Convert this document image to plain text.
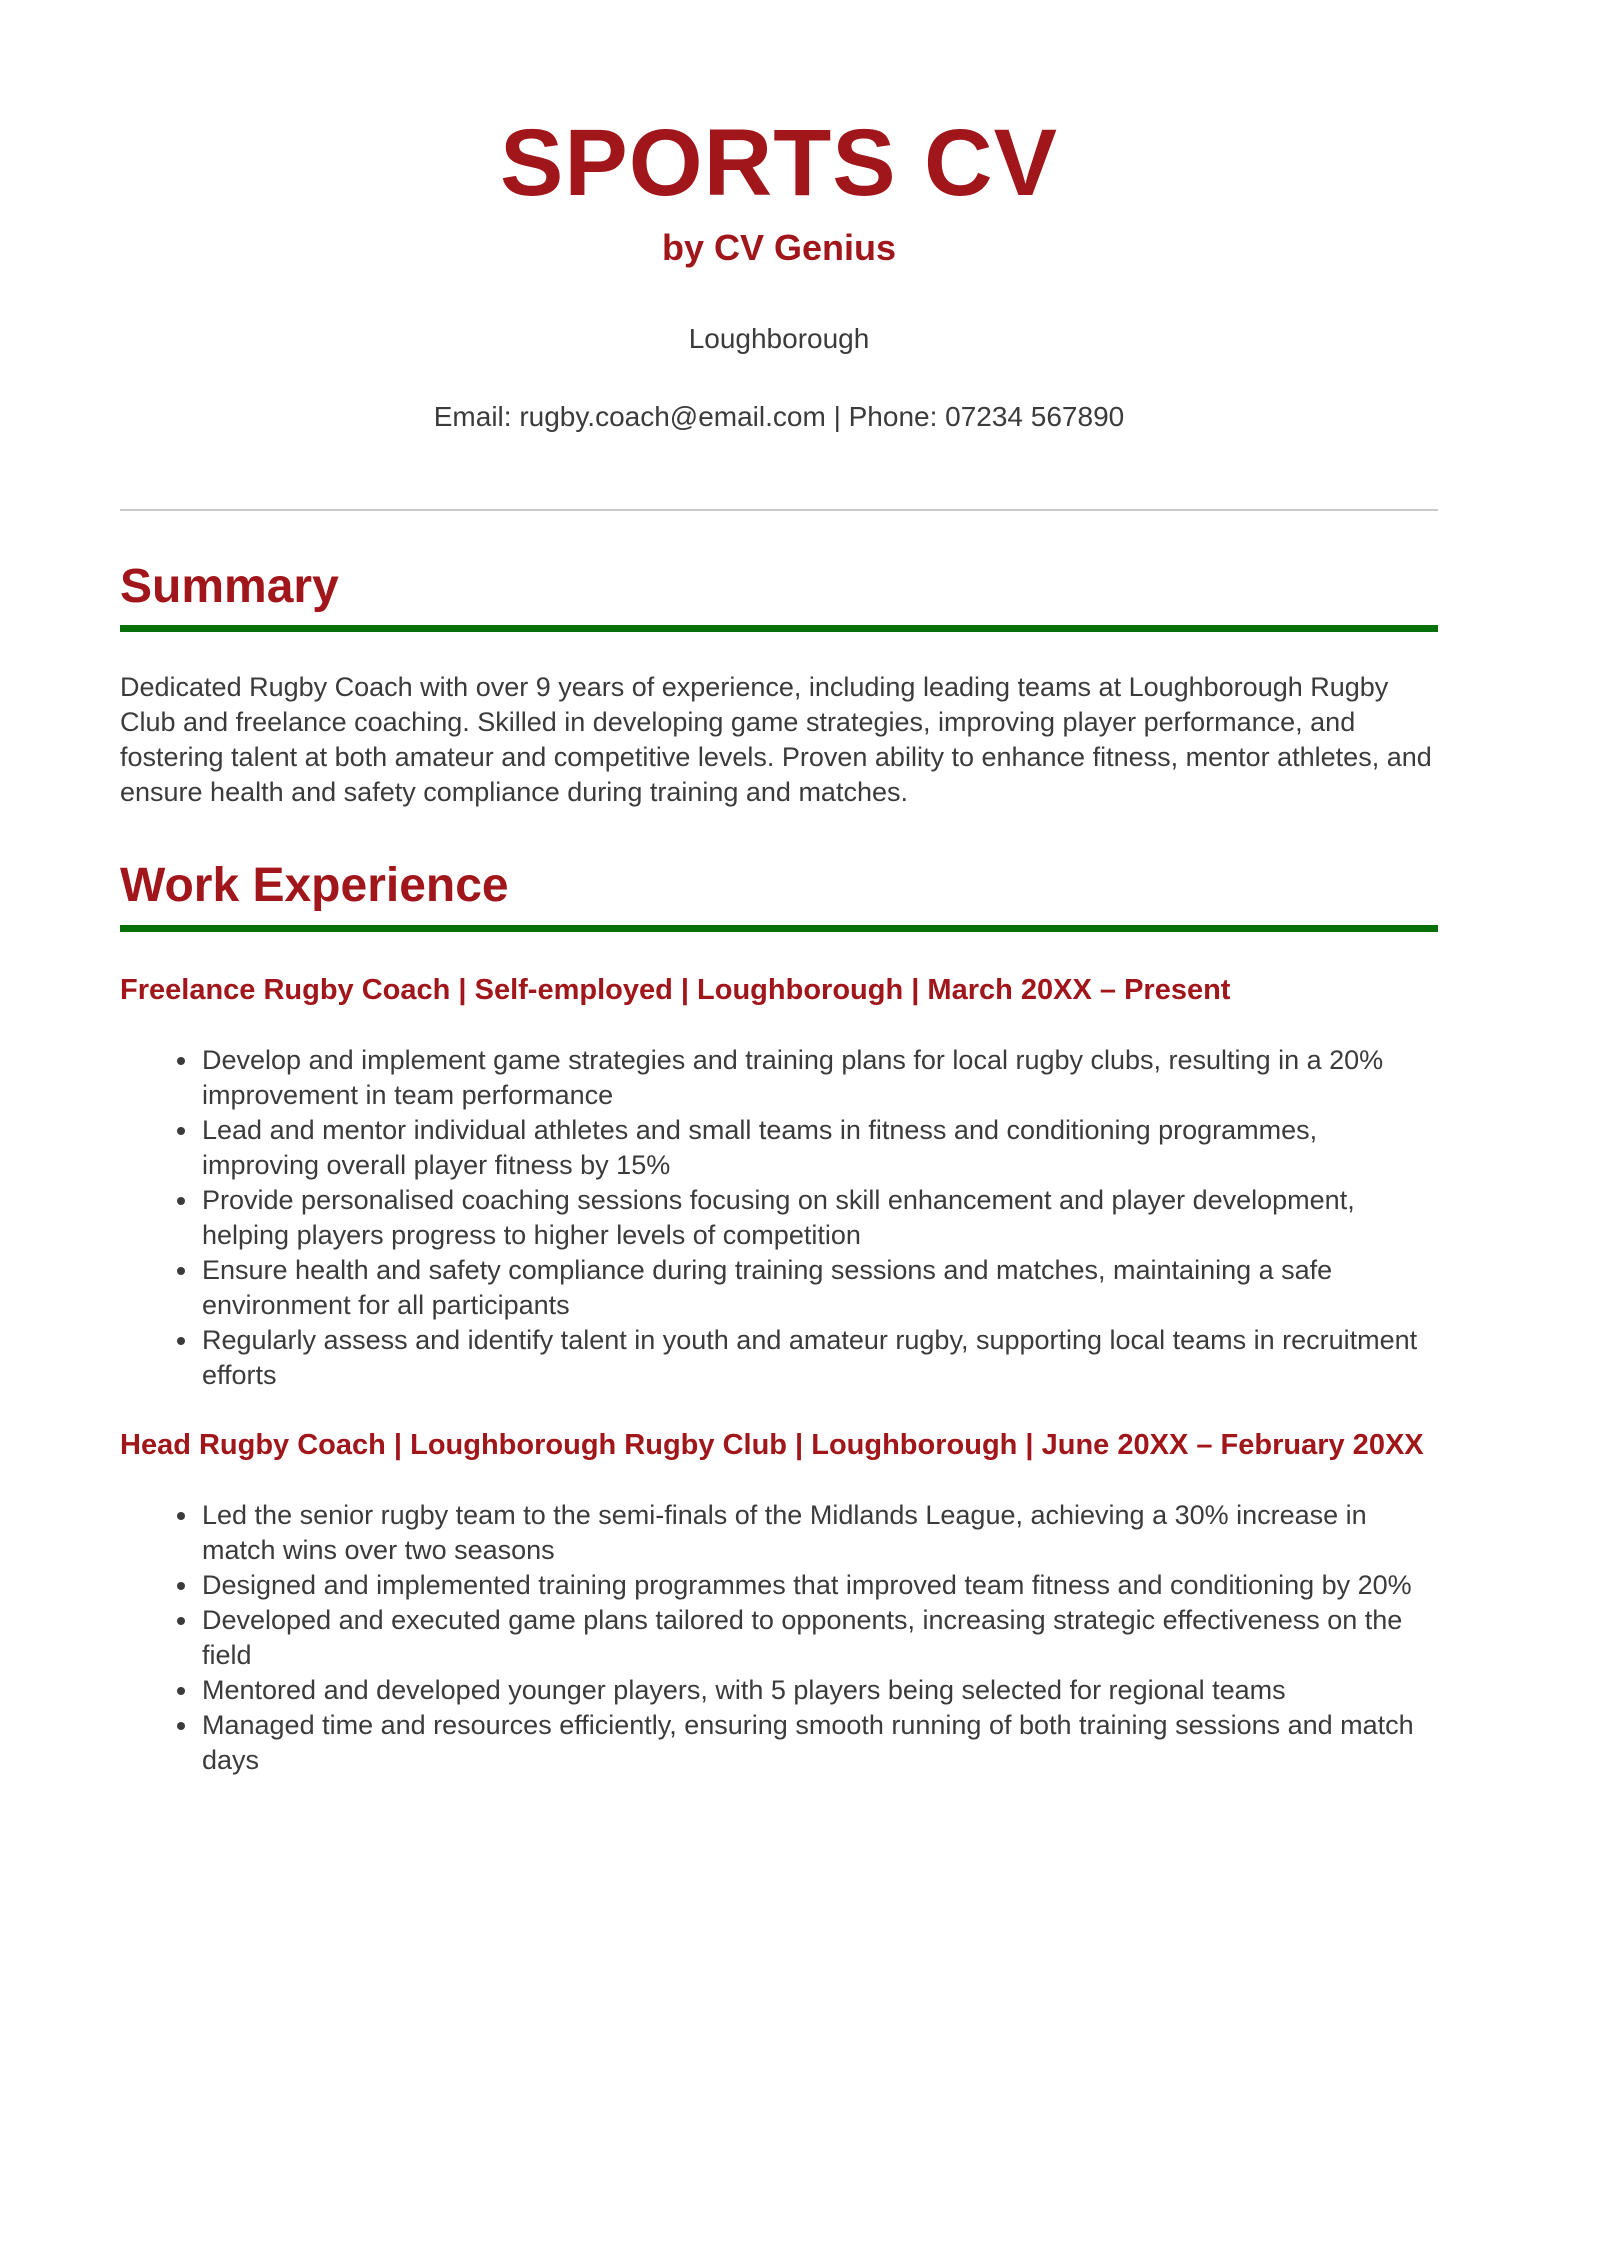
SPORTS CV
by CV Genius
Loughborough
Email: rugby.coach@email.com | Phone: 07234 567890
Summary

Dedicated Rugby Coach with over 9 years of experience, including leading teams at Loughborough Rugby Club and freelance coaching. Skilled in developing game strategies, improving player performance, and fostering talent at both amateur and competitive levels. Proven ability to enhance fitness, mentor athletes, and ensure health and safety compliance during training and matches.

Work Experience
Freelance Rugby Coach | Self-employed | Loughborough | March 20XX – Present
• Develop and implement game strategies and training plans for local rugby clubs, resulting in a 20% improvement in team performance
• Lead and mentor individual athletes and small teams in fitness and conditioning programmes, improving overall player fitness by 15%
• Provide personalised coaching sessions focusing on skill enhancement and player development, helping players progress to higher levels of competition
• Ensure health and safety compliance during training sessions and matches, maintaining a safe environment for all participants
• Regularly assess and identify talent in youth and amateur rugby, supporting local teams in recruitment efforts
Head Rugby Coach | Loughborough Rugby Club | Loughborough | June 20XX – February 20XX
• Led the senior rugby team to the semi-finals of the Midlands League, achieving a 30% increase in match wins over two seasons
• Designed and implemented training programmes that improved team fitness and conditioning by 20%
• Developed and executed game plans tailored to opponents, increasing strategic effectiveness on the field
• Mentored and developed younger players, with 5 players being selected for regional teams
• Managed time and resources efficiently, ensuring smooth running of both training sessions and match days
